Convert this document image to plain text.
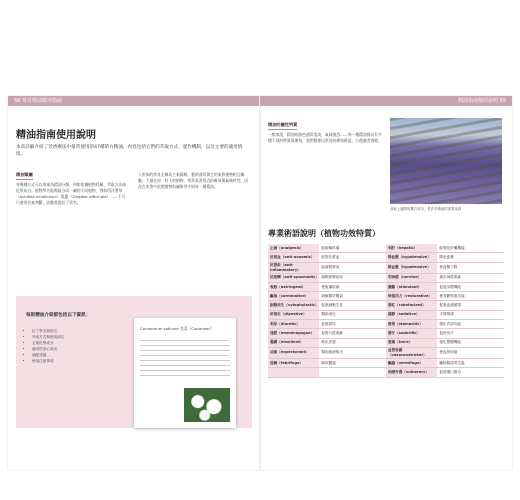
58 常見精油應用指南
精油指南使用說明
本章詳細介紹了芳香療法中最常使用的47種單方精油，內容包括它們的萃取方式、運作機制，以及主要的適用情境。
精油類屬
有幾種方式可以用來為精油分類，例如依據植物科屬、萃取方法或化學成分。植物學名能夠區分同一屬的不同植物，例如西洋蓍草（Achillea millefolium）與薑（Zingiber officinale）……不可只憑俗名來判斷，而應查證拉丁學名。
人所知的常見名稱為主來歸類，藝術通常與它的來源植物相互關聯。不過在同一科下的植物，常常有著相近的療效與氣味特性，因此在本書中依照植物科屬排列介紹每一種精油。
每則精油介紹都包括以下資訊：
• 拉丁學名與俗名
• 萃取方式與使用部位
• 主要化學成分
• 適用的身心狀況
• 調配建議
• 使用注意事項
Coriandrum sativum 芫荽（Coriander）
精油指南使用說明 59
精油的屬性特質
一般來說，精油的顏色通常很淡，氣味強烈……每一種精油都具有多種不同的特質與療效，我們整理出常見的療效術語，方便讀者查閱。
高地上盛開的薰衣草田，是許多精油的重要來源
專業術語說明（植物功效特質）
止痛（analgesic）	能緩解疼痛	利肝（hepatic）	能強化肝臟機能
抗貧血（anti-anaemic）	能對抗貧血	降血壓（hypotensive）	降低血壓
抗發炎（anti-inflammatory）	能減輕發炎	降血壓（hypotensive）	使血壓下降
抗痙攣（anti-spasmodic）	減輕痙攣症狀	利神經（nervine）	鎮定神經系統
收斂（astringent）	使組織收縮	激勵（stimulant）	促進身體機能
驅風（carminative）	緩解腸胃脹氣	恢復活力（restorative）	使身體恢復功能
細胞再生（cytophylactic）	促進細胞生長	發紅（rubefacient）	促進血液循環
助消化（digestive）	幫助消化	鎮靜（sedative）	平靜情緒
利尿（diuretic）	促進排尿	健胃（stomachic）	強化胃部功能
通經（emmenagogue）	促進月經流動	發汗（sudorific）	促使出汗
潤膚（emollient）	軟化皮膚	滋補（tonic）	強化整體機能
祛痰（expectorant）	幫助痰液排出	血管收縮（vasoconstrictor）	使血管收縮
退燒（febrifuge）	降低體溫	驅蟲（vermifuge）	驅除腸道寄生蟲
		治療外傷（vulnerary）	促進傷口癒合
